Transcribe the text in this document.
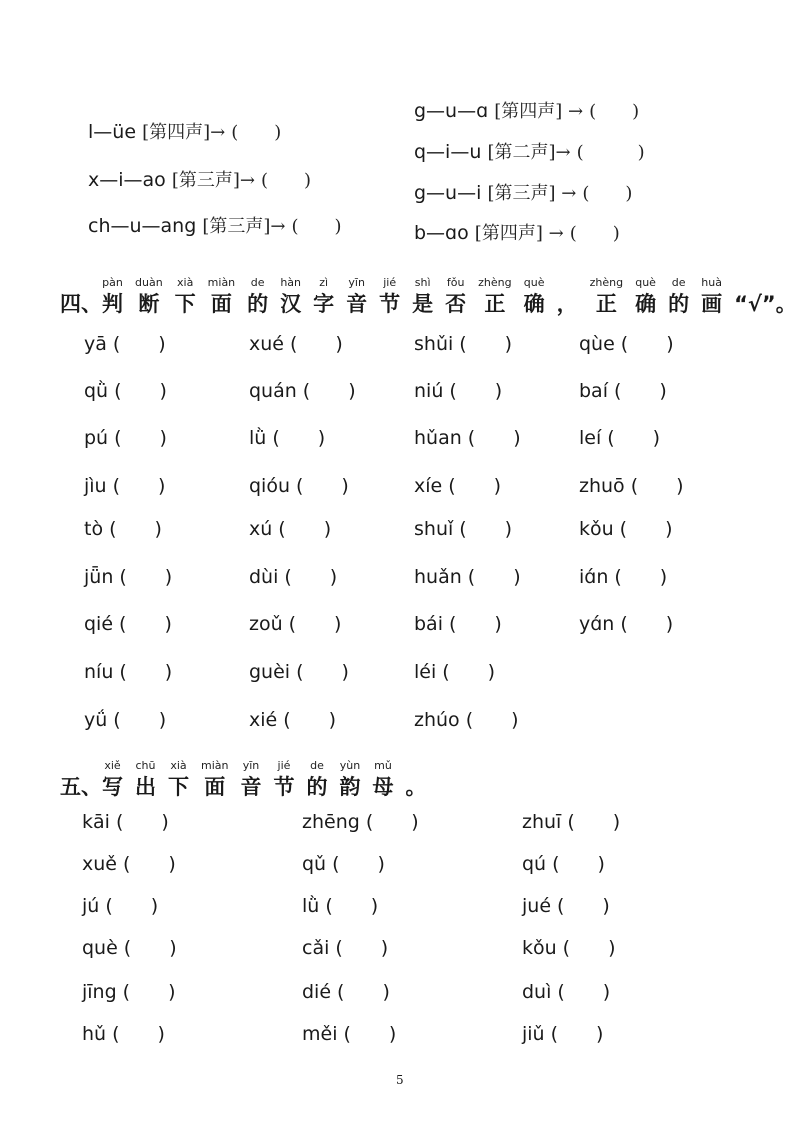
l—üe [第四声]→ (　　)
x—i—ao [第三声]→ (　　)
ch—u—ang [第三声]→ (　　)
g—u—ɑ [第四声] → (　　)
q—i—u [第二声]→ (　　　)
g—u—i [第三声] → (　　)
b—ɑo [第四声] → (　　)
四、
pàn
判
duàn
断
xià
下
miàn
面
de
的
hàn
汉
zì
字
yīn
音
jié
节
shì
是
fǒu
否
zhèng
正
què
确 ，
zhèng
正
què
确
de
的
huà
画 “√”。
yā (　　)	xué (　　)	shǔi (　　)	qùe (　　)
qǜ (　　)	quán (　　)	niú (　　)	baí (　　)
pú (　　)	lǜ (　　)	hǔan (　　)	leí (　　)
jìu (　　)	qióu (　　)	xíe (　　)	zhuō (　　)
tò (　　)	xú (　　)	shuǐ (　　)	kǒu (　　)
jǖn (　　)	dùi (　　)	huǎn (　　)	iɑ́n (　　)
qié (　　)	zoǔ (　　)	bái (　　)	yɑ́n (　　)
níu (　　)	guèi (　　)	léi (　　)
yǘ (　　)	xié (　　)	zhúo (　　)
五、
xiě
写
chū
出
xià
下
miàn
面
yīn
音
jié
节
de
的
yùn
韵
mǔ
母 。
kāi (　　)	zhēng (　　)	zhuī (　　)
xuě (　　)	qǔ (　　)	qú (　　)
jú (　　)	lǜ (　　)	jué (　　)
què (　　)	cǎi (　　)	kǒu (　　)
jīng (　　)	dié (　　)	duì (　　)
hǔ (　　)	měi (　　)	jiǔ (　　)
5
